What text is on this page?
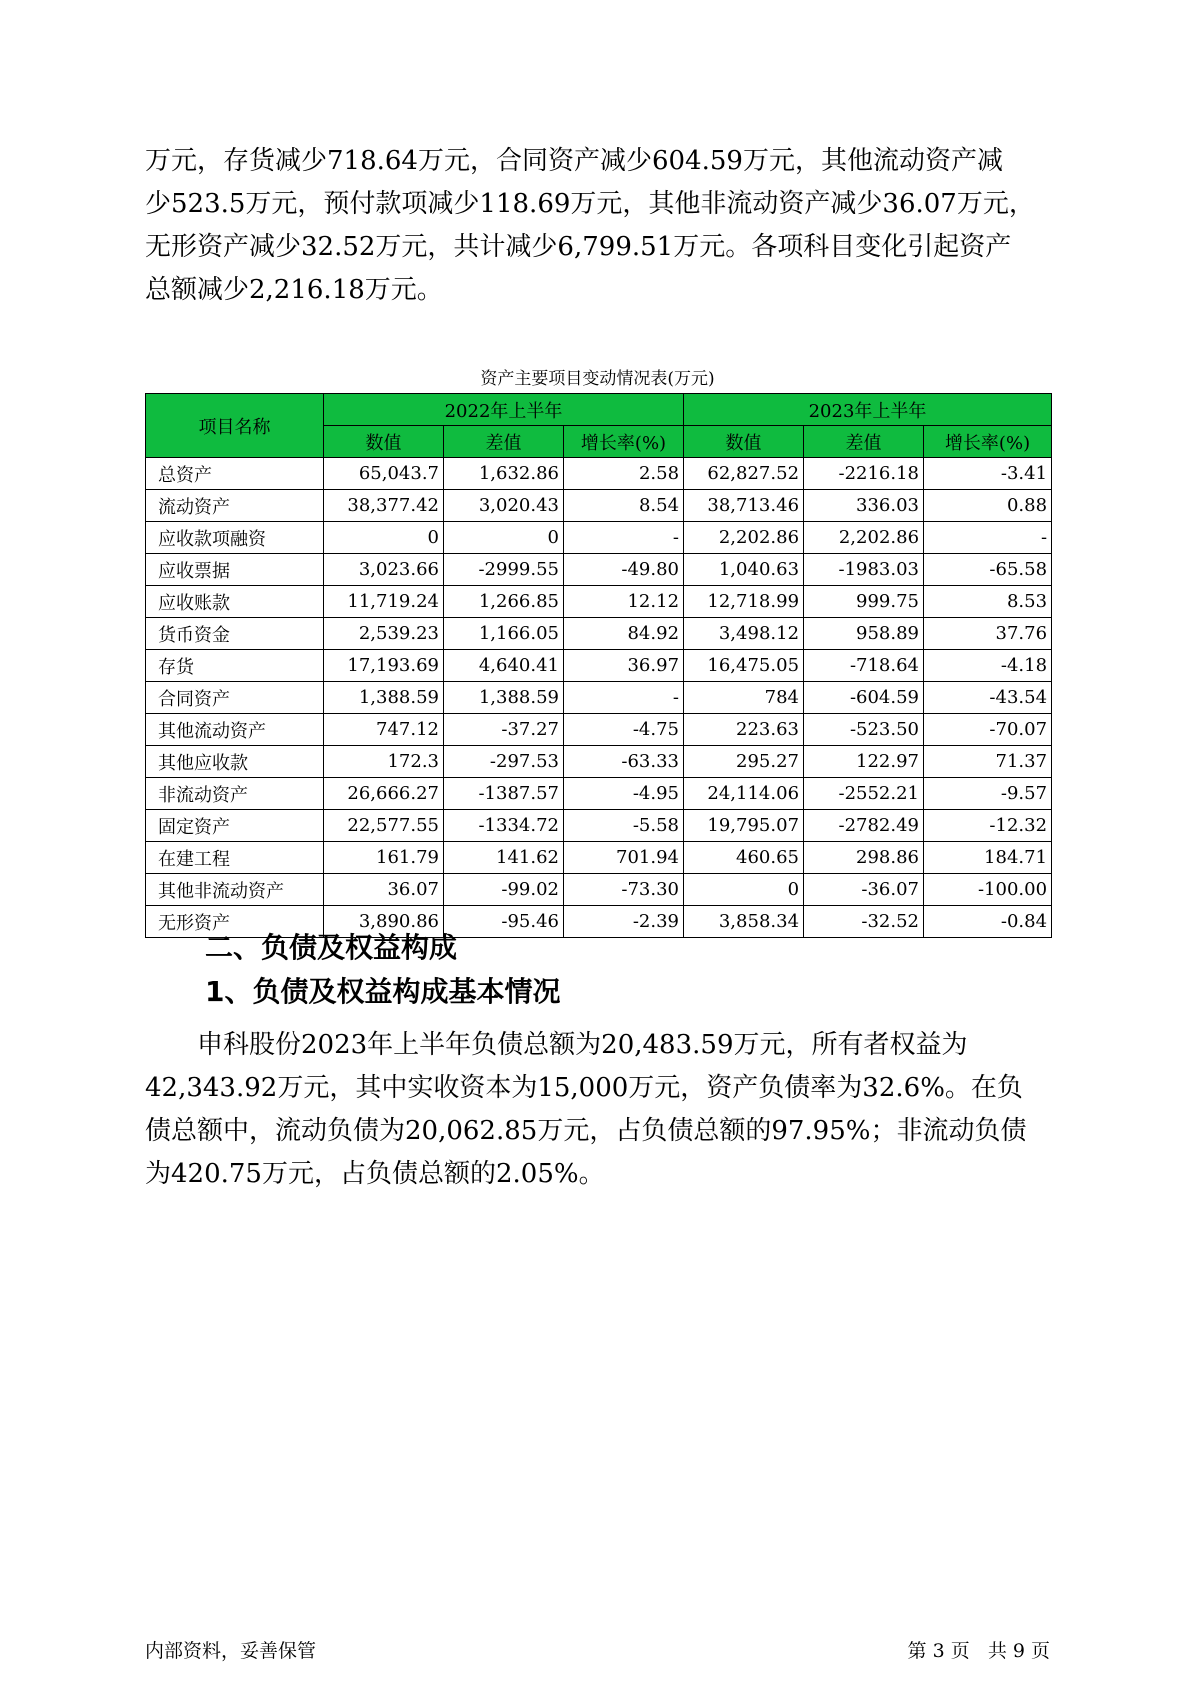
万元，存货减少718.64万元，合同资产减少604.59万元，其他流动资产减

少523.5万元，预付款项减少118.69万元，其他非流动资产减少36.07万元，

无形资产减少32.52万元，共计减少6,799.51万元。各项科目变化引起资产

总额减少2,216.18万元。

资产主要项目变动情况表(万元)
项目名称	2022年上半年			2023年上半年		
	数值	差值	增长率(%)	数值	差值	增长率(%)
总资产	65,043.7	1,632.86	2.58	62,827.52	-2216.18	-3.41
流动资产	38,377.42	3,020.43	8.54	38,713.46	336.03	0.88
应收款项融资	0	0	-	2,202.86	2,202.86	-
应收票据	3,023.66	-2999.55	-49.80	1,040.63	-1983.03	-65.58
应收账款	11,719.24	1,266.85	12.12	12,718.99	999.75	8.53
货币资金	2,539.23	1,166.05	84.92	3,498.12	958.89	37.76
存货	17,193.69	4,640.41	36.97	16,475.05	-718.64	-4.18
合同资产	1,388.59	1,388.59	-	784	-604.59	-43.54
其他流动资产	747.12	-37.27	-4.75	223.63	-523.50	-70.07
其他应收款	172.3	-297.53	-63.33	295.27	122.97	71.37
非流动资产	26,666.27	-1387.57	-4.95	24,114.06	-2552.21	-9.57
固定资产	22,577.55	-1334.72	-5.58	19,795.07	-2782.49	-12.32
在建工程	161.79	141.62	701.94	460.65	298.86	184.71
其他非流动资产	36.07	-99.02	-73.30	0	-36.07	-100.00
无形资产	3,890.86	-95.46	-2.39	3,858.34	-32.52	-0.84
二、负债及权益构成
1、负债及权益构成基本情况

申科股份2023年上半年负债总额为20,483.59万元，所有者权益为

42,343.92万元，其中实收资本为15,000万元，资产负债率为32.6%。在负

债总额中，流动负债为20,062.85万元，占负债总额的97.95%；非流动负债

为420.75万元，占负债总额的2.05%。

内部资料，妥善保管	第 3 页   共 9 页
